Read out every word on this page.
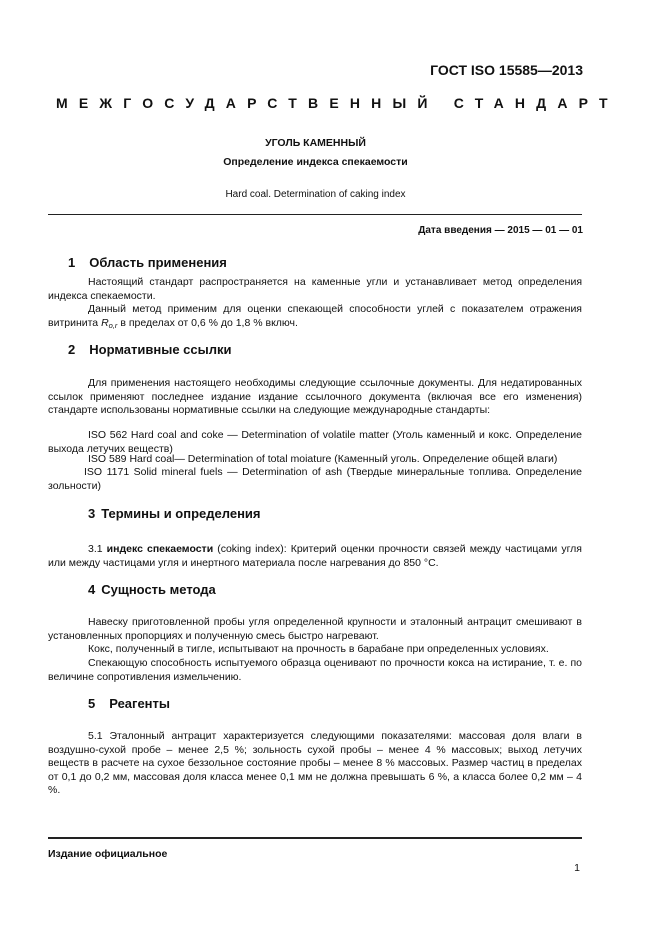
ГОСТ ISO 15585—2013
МЕЖГОСУДАРСТВЕННЫЙ СТАНДАРТ
УГОЛЬ КАМЕННЫЙ
Определение индекса спекаемости
Hard coal. Determination of caking index
Дата введения — 2015 — 01 — 01
1 Область применения
Настоящий стандарт распространяется на каменные угли и устанавливает метод определения индекса спекаемости.
Данный метод применим для оценки спекающей способности углей с показателем отражения витринита $R_{o,r}$ в пределах от 0,6 % до 1,8 % включ.
2 Нормативные ссылки
Для применения настоящего необходимы следующие ссылочные документы. Для недатированных ссылок применяют последнее издание издание ссылочного документа (включая все его изменения) стандарте использованы нормативные ссылки на следующие международные стандарты:
ISO 562 Hard coal and coke — Determination of volatile matter (Уголь каменный и кокс. Определение выхода летучих веществ)
ISO 589 Hard coal— Determination of total moiature (Каменный уголь. Определение общей влаги)
ISO 1171 Solid mineral fuels — Determination of ash (Твердые минеральные топлива. Определение зольности)
3 Термины и определения
3.1 индекс спекаемости (coking index): Критерий оценки прочности связей между частицами угля или между частицами угля и инертного материала после нагревания до 850 °С.
4 Сущность метода
Навеску приготовленной пробы угля определенной крупности и эталонный антрацит смешивают в установленных пропорциях и полученную смесь быстро нагревают.
Кокс, полученный в тигле, испытывают на прочность в барабане при определенных условиях.
Спекающую способность испытуемого образца оценивают по прочности кокса на истирание, т. е. по величине сопротивления измельчению.
5 Реагенты
5.1 Эталонный антрацит характеризуется следующими показателями: массовая доля влаги в воздушно-сухой пробе – менее 2,5 %; зольность сухой пробы – менее 4 % массовых; выход летучих веществ в расчете на сухое беззольное состояние пробы – менее 8 % массовых. Размер частиц в пределах от 0,1 до 0,2 мм, массовая доля класса менее 0,1 мм не должна превышать 6 %, а класса более 0,2 мм – 4 %.
Издание официальное
1
